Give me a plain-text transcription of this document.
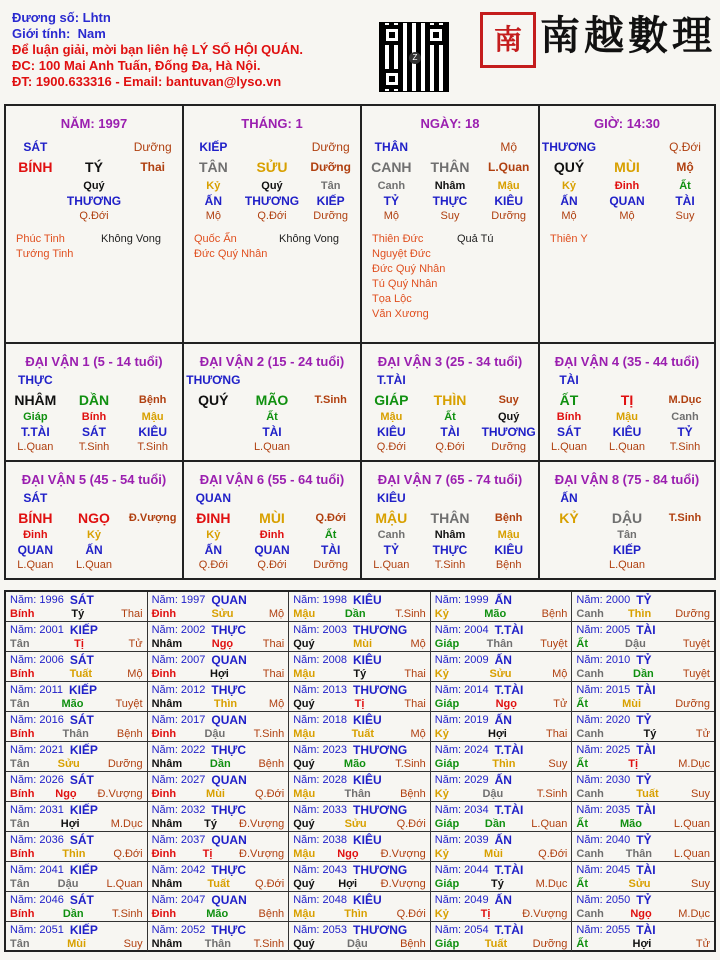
Đương số: Lhtn
Giới tính: Nam
Để luận giải, mời bạn liên hệ LÝ SỐ HỘI QUÁN.
ĐC: 100 Mai Anh Tuấn, Đống Đa, Hà Nội.
ĐT: 1900.633316 - Email: bantuvan@lyso.vn
Z
南 南越數理
NĂM: 1997
SÁT	Dưỡng
BÍNH	TÝ	Thai
Quý
THƯƠNG
Q.Đới
Phúc Tinh
Tướng Tinh
Không Vong
THÁNG: 1
KIẾP	Dưỡng
TÂN	SỬU	Dưỡng
Kỷ	Quý	Tân
ẤN	THƯƠNG	KIẾP
Mộ	Q.Đới	Dưỡng
Quốc Ấn
Đức Quý Nhân
Không Vong
NGÀY: 18
THÂN	Mộ
CANH	THÂN	L.Quan
Canh	Nhâm	Mậu
TỶ	THỰC	KIÊU
Mộ	Suy	Dưỡng
Thiên Đức
Nguyệt Đức
Đức Quý Nhân
Tú Quý Nhân
Tọa Lộc
Văn Xương
Quả Tú
GIỜ: 14:30
THƯƠNG	Q.Đới
QUÝ	MÙI	Mộ
Kỷ	Đinh	Ất
ẤN	QUAN	TÀI
Mộ	Mộ	Suy
Thiên Y
ĐẠI VẬN 1 (5 - 14 tuổi)
THỰC
NHÂM	DẦN	Bệnh
Giáp	Bính	Mậu
T.TÀI	SÁT	KIÊU
L.Quan	T.Sinh	T.Sinh
ĐẠI VẬN 2 (15 - 24 tuổi)
THƯƠNG
QUÝ	MÃO	T.Sinh
Ất
TÀI
L.Quan
ĐẠI VẬN 3 (25 - 34 tuổi)
T.TÀI
GIÁP	THÌN	Suy
Mậu	Ất	Quý
KIÊU	TÀI	THƯƠNG
Q.Đới	Q.Đới	Dưỡng
ĐẠI VẬN 4 (35 - 44 tuổi)
TÀI
ẤT	TỊ	M.Dục
Bính	Mậu	Canh
SÁT	KIÊU	TỶ
L.Quan	L.Quan	T.Sinh
ĐẠI VẬN 5 (45 - 54 tuổi)
SÁT
BÍNH	NGỌ	Đ.Vượng
Đinh	Kỷ
QUAN	ẤN
L.Quan	L.Quan
ĐẠI VẬN 6 (55 - 64 tuổi)
QUAN
ĐINH	MÙI	Q.Đới
Kỷ	Đinh	Ất
ẤN	QUAN	TÀI
Q.Đới	Q.Đới	Dưỡng
ĐẠI VẬN 7 (65 - 74 tuổi)
KIÊU
MẬU	THÂN	Bệnh
Canh	Nhâm	Mậu
TỶ	THỰC	KIÊU
L.Quan	T.Sinh	Bệnh
ĐẠI VẬN 8 (75 - 84 tuổi)
ẤN
KỶ	DẬU	T.Sinh
Tân
KIẾP
L.Quan
Năm: 1996 SÁT
Bính	Tý	Thai
Năm: 1997 QUAN
Đinh	Sửu	Mộ
Năm: 1998 KIÊU
Mậu	Dần	T.Sinh
Năm: 1999 ẤN
Kỷ	Mão	Bệnh
Năm: 2000 TỶ
Canh Thìn Dưỡng
Năm: 2001 KIẾP
Tân	Tị	Tử
Năm: 2002 THỰC
Nhâm	Ngọ	Thai
Năm: 2003 THƯƠNG
Quý	Mùi	Mộ
Năm: 2004 T.TÀI
Giáp Thân Tuyệt
Năm: 2005 TÀI
Ất	Dậu	Tuyệt
Năm: 2006 SÁT
Bính	Tuất	Mộ
Năm: 2007 QUAN
Đinh	Hợi	Thai
Năm: 2008 KIÊU
Mậu	Tý	Thai
Năm: 2009 ẤN
Kỷ	Sửu	Mộ
Năm: 2010 TỶ
Canh	Dần	Tuyệt
Năm: 2011 KIẾP
Tân	Mão	Tuyệt
Năm: 2012 THỰC
Nhâm	Thìn	Mộ
Năm: 2013 THƯƠNG
Quý	Tị	Thai
Năm: 2014 T.TÀI
Giáp	Ngọ	Tử
Năm: 2015 TÀI
Ất	Mùi	Dưỡng
Năm: 2016 SÁT
Bính	Thân	Bệnh
Năm: 2017 QUAN
Đinh	Dậu	T.Sinh
Năm: 2018 KIÊU
Mậu	Tuất	Mộ
Năm: 2019 ẤN
Kỷ	Hợi	Thai
Năm: 2020 TỶ
Canh	Tý	Tử
Năm: 2021 KIẾP
Tân	Sửu	Dưỡng
Năm: 2022 THỰC
Nhâm	Dần	Bệnh
Năm: 2023 THƯƠNG
Quý	Mão	T.Sinh
Năm: 2024 T.TÀI
Giáp	Thìn	Suy
Năm: 2025 TÀI
Ất	Tị	M.Dục
Năm: 2026 SÁT
Bính Ngọ Đ.Vượng
Năm: 2027 QUAN
Đinh	Mùi	Q.Đới
Năm: 2028 KIÊU
Mậu	Thân	Bệnh
Năm: 2029 ẤN
Kỷ	Dậu	T.Sinh
Năm: 2030 TỶ
Canh	Tuất	Suy
Năm: 2031 KIẾP
Tân	Hợi	M.Dục
Năm: 2032 THỰC
Nhâm Tý Đ.Vượng
Năm: 2033 THƯƠNG
Quý	Sửu	Q.Đới
Năm: 2034 T.TÀI
Giáp Dần L.Quan
Năm: 2035 TÀI
Ất	Mão	L.Quan
Năm: 2036 SÁT
Bính	Thìn	Q.Đới
Năm: 2037 QUAN
Đinh Tị Đ.Vượng
Năm: 2038 KIÊU
Mậu Ngọ Đ.Vượng
Năm: 2039 ẤN
Kỷ	Mùi	Q.Đới
Năm: 2040 TỶ
Canh Thân L.Quan
Năm: 2041 KIẾP
Tân	Dậu	L.Quan
Năm: 2042 THỰC
Nhâm Tuất Q.Đới
Năm: 2043 THƯƠNG
Quý Hợi Đ.Vượng
Năm: 2044 T.TÀI
Giáp	Tý	M.Dục
Năm: 2045 TÀI
Ất	Sửu	Suy
Năm: 2046 SÁT
Bính	Dần	T.Sinh
Năm: 2047 QUAN
Đinh	Mão	Bệnh
Năm: 2048 KIÊU
Mậu	Thìn	Q.Đới
Năm: 2049 ẤN
Kỷ	Tị	Đ.Vượng
Năm: 2050 TỶ
Canh Ngọ M.Dục
Năm: 2051 KIẾP
Tân	Mùi	Suy
Năm: 2052 THỰC
Nhâm Thân T.Sinh
Năm: 2053 THƯƠNG
Quý	Dậu	Bệnh
Năm: 2054 T.TÀI
Giáp Tuất Dưỡng
Năm: 2055 TÀI
Ất	Hợi	Tử
